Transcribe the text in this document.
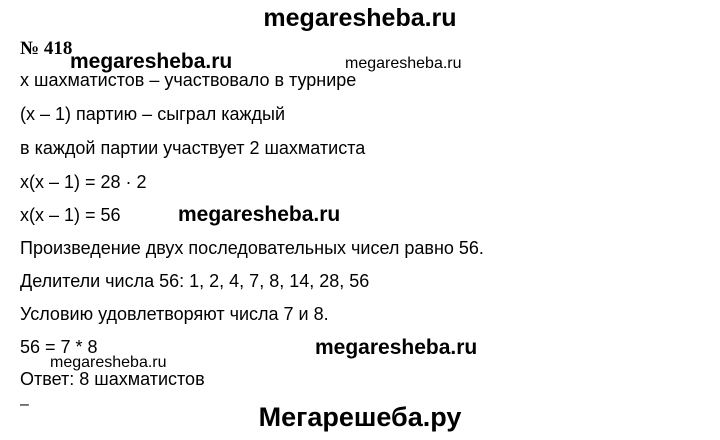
megaresheba.ru
№ 418
x шахматистов – участвовало в турнире
(x – 1) партию – сыграл каждый
в каждой партии участвует 2 шахматиста
x(x – 1) = 28 · 2
x(x – 1) = 56
Произведение двух последовательных чисел равно 56.
Делители числа 56: 1, 2, 4, 7, 8, 14, 28, 56
Условию удовлетворяют числа 7 и 8.
56 = 7 * 8
Ответ: 8 шахматистов
–
megaresheba.ru	megaresheba.ru
megaresheba.ru
megaresheba.ru
megaresheba.ru
Мегарешеба.ру
